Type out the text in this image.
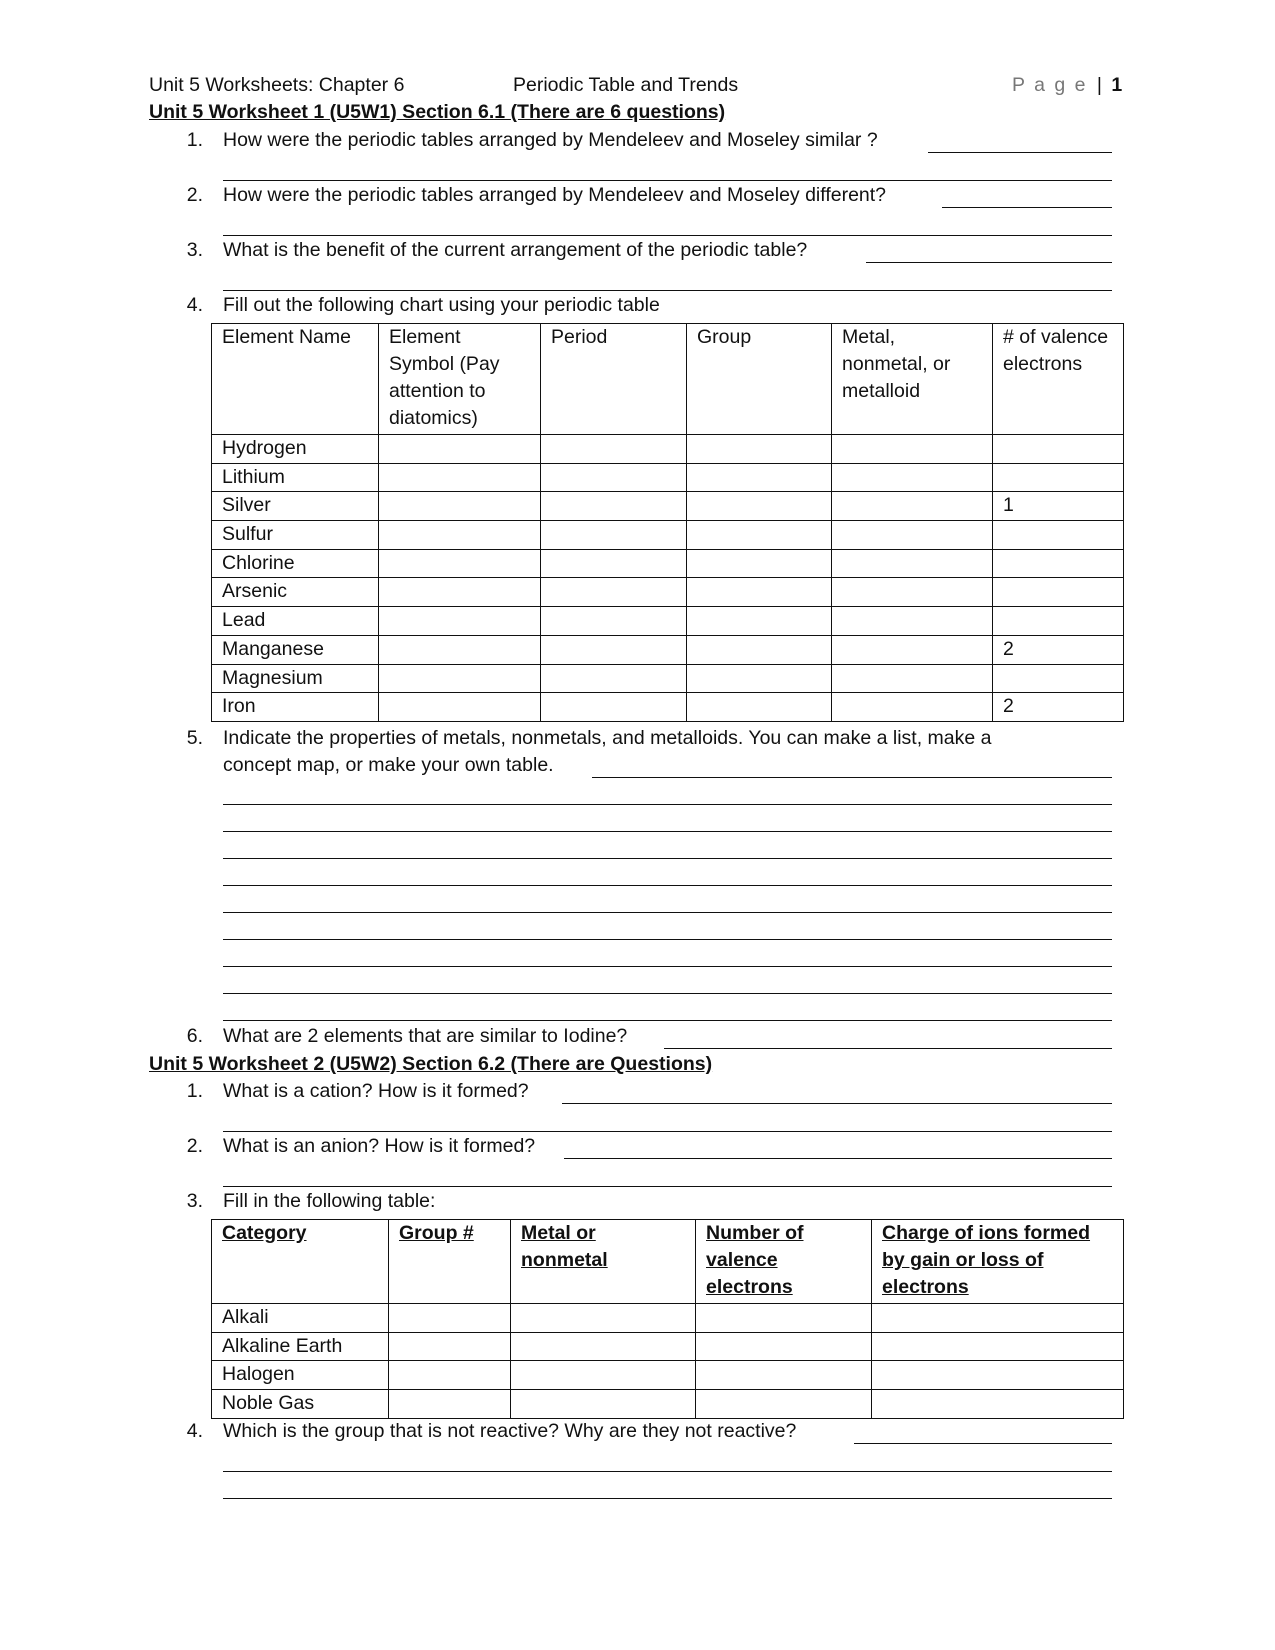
Unit 5 Worksheets: Chapter 6	Periodic Table and Trends	P a g e | 1
Unit 5 Worksheet 1 (U5W1) Section 6.1 (There are 6 questions)
1. How were the periodic tables arranged by Mendeleev and Moseley similar ?
2. How were the periodic tables arranged by Mendeleev and Moseley different?
3. What is the benefit of the current arrangement of the periodic table?
4. Fill out the following chart using your periodic table
Element Name	Element Symbol (Pay attention to diatomics)	Period	Group	Metal, nonmetal, or metalloid	# of valence electrons
Hydrogen					
Lithium					
Silver					1
Sulfur					
Chlorine					
Arsenic					
Lead					
Manganese					2
Magnesium					
Iron					2
5. Indicate the properties of metals, nonmetals, and metalloids. You can make a list, make a
concept map, or make your own table.
6. What are 2 elements that are similar to Iodine?
Unit 5 Worksheet 2 (U5W2) Section 6.2 (There are Questions)
1. What is a cation? How is it formed?
2. What is an anion? How is it formed?
3. Fill in the following table:
Category	Group #	Metal or nonmetal	Number of valence electrons	Charge of ions formed by gain or loss of electrons
Alkali				
Alkaline Earth				
Halogen				
Noble Gas				
4. Which is the group that is not reactive? Why are they not reactive?
